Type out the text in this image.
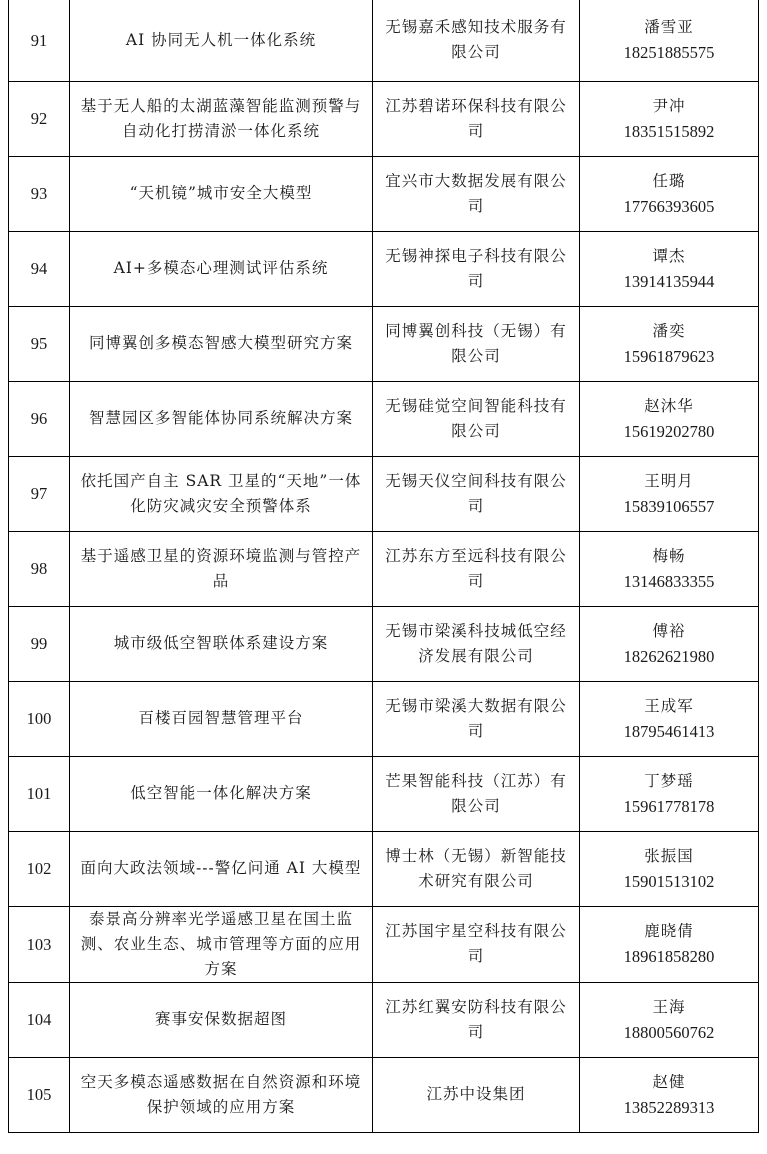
91	AI 协同无人机一体化系统	无锡嘉禾感知技术服务有限公司	潘雪亚
18251885575

92	基于无人船的太湖蓝藻智能监测预警与自动化打捞清淤一体化系统	江苏碧诺环保科技有限公司	尹冲
18351515892

93	“天机镜”城市安全大模型	宜兴市大数据发展有限公司	任璐
17766393605

94	AI+多模态心理测试评估系统	无锡神探电子科技有限公司	谭杰
13914135944

95	同博翼创多模态智感大模型研究方案	同博翼创科技（无锡）有限公司	潘奕
15961879623

96	智慧园区多智能体协同系统解决方案	无锡硅觉空间智能科技有限公司	赵沐华
15619202780

97	依托国产自主 SAR 卫星的“天地”一体化防灾减灾安全预警体系	无锡天仪空间科技有限公司	王明月
15839106557

98	基于遥感卫星的资源环境监测与管控产品	江苏东方至远科技有限公司	梅畅
13146833355

99	城市级低空智联体系建设方案	无锡市梁溪科技城低空经济发展有限公司	傅裕
18262621980

100	百楼百园智慧管理平台	无锡市梁溪大数据有限公司	王成军
18795461413

101	低空智能一体化解决方案	芒果智能科技（江苏）有限公司	丁梦瑶
15961778178

102	面向大政法领域---警亿问通 AI 大模型	博士林（无锡）新智能技术研究有限公司	张振国
15901513102

103	泰景高分辨率光学遥感卫星在国土监测、农业生态、城市管理等方面的应用方案	江苏国宇星空科技有限公司	鹿晓倩
18961858280

104	赛事安保数据超图	江苏红翼安防科技有限公司	王海
18800560762

105	空天多模态遥感数据在自然资源和环境保护领域的应用方案	江苏中设集团	赵健
13852289313
